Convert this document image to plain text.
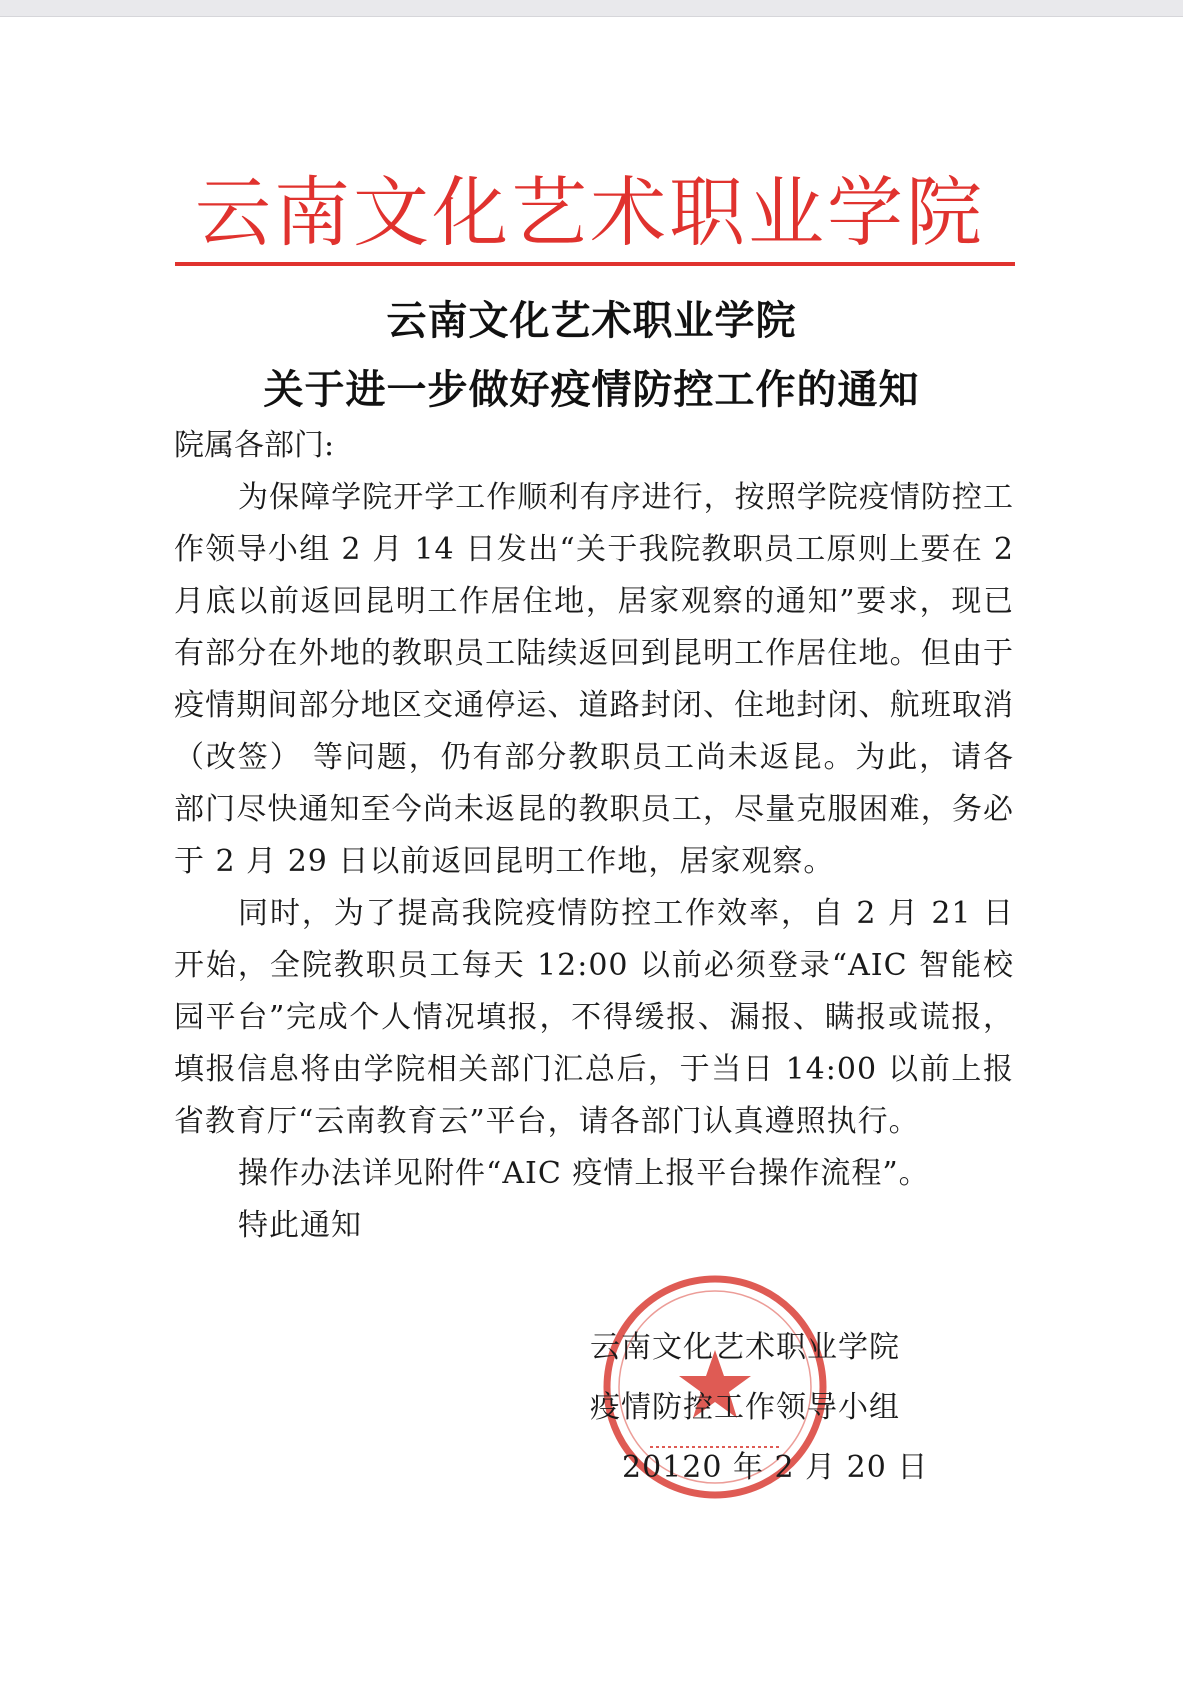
云南文化艺术职业学院
云南文化艺术职业学院
关于进一步做好疫情防控工作的通知
院属各部门:

为保障学院开学工作顺利有序进行，按照学院疫情防控工作领导小组 2 月 14 日发出“关于我院教职员工原则上要在 2 月底以前返回昆明工作居住地，居家观察的通知”要求，现已有部分在外地的教职员工陆续返回到昆明工作居住地。但由于疫情期间部分地区交通停运、道路封闭、住地封闭、航班取消（改签） 等问题，仍有部分教职员工尚未返昆。为此，请各部门尽快通知至今尚未返昆的教职员工，尽量克服困难，务必于 2 月 29 日以前返回昆明工作地，居家观察。

同时，为了提高我院疫情防控工作效率，自 2 月 21 日开始，全院教职员工每天 12:00 以前必须登录“AIC 智能校园平台”完成个人情况填报，不得缓报、漏报、瞒报或谎报，填报信息将由学院相关部门汇总后，于当日 14:00 以前上报省教育厅“云南教育云”平台，请各部门认真遵照执行。

操作办法详见附件“AIC 疫情上报平台操作流程”。

特此通知

云南文化艺术职业学院
疫情防控工作领导小组
20120 年 2 月 20 日
